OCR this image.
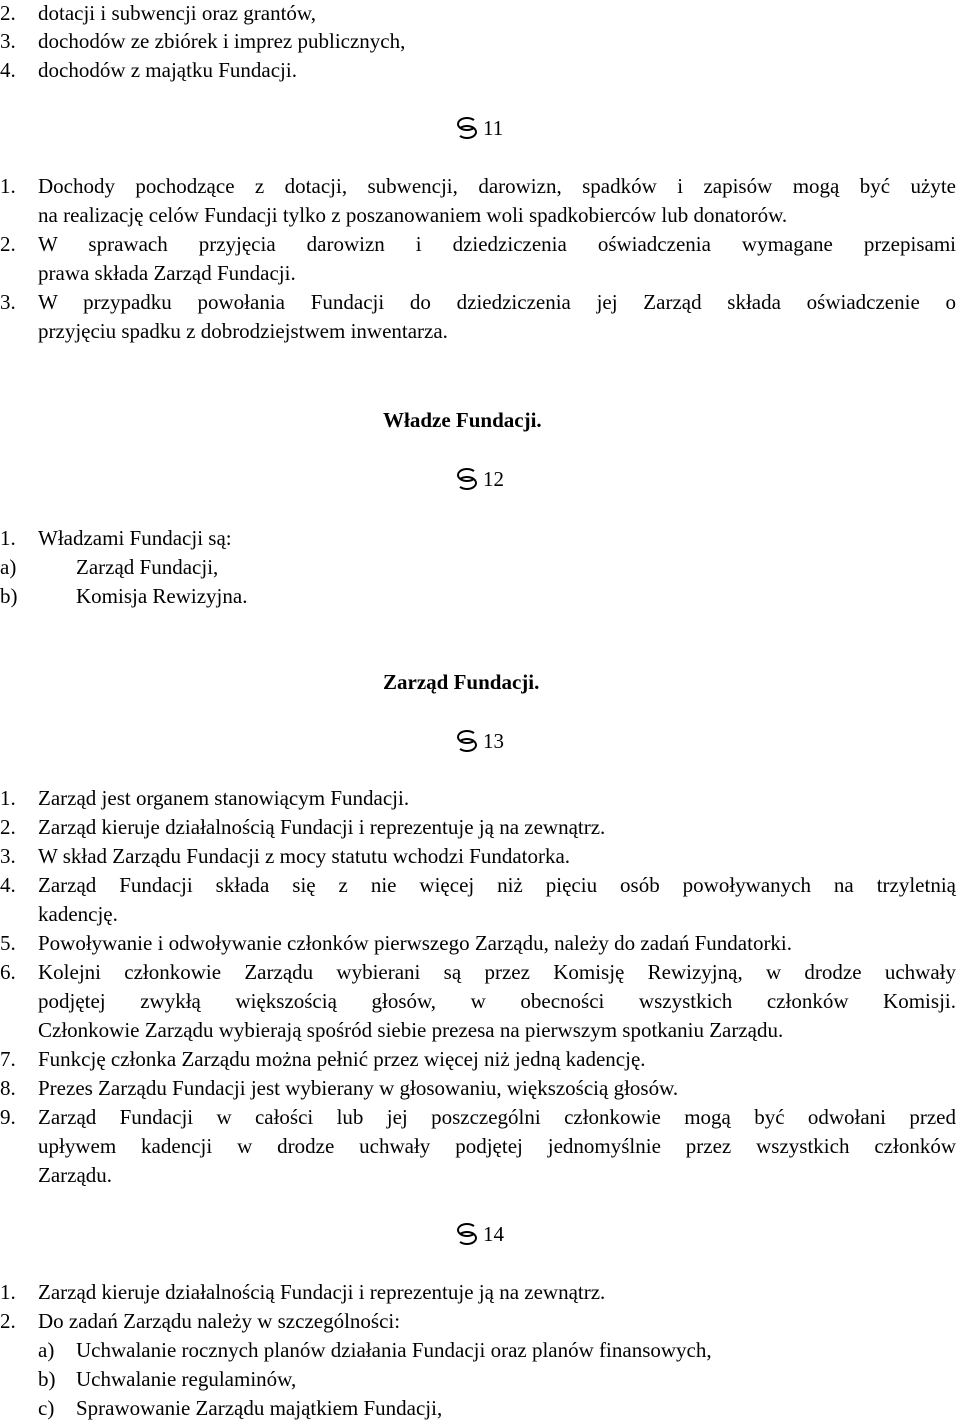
2.	dotacji i subwencji oraz grantów,
3.	dochodów ze zbiórek i imprez publicznych,
4.	dochodów z majątku Fundacji.
11
1.	Dochody pochodzące z dotacji, subwencji, darowizn, spadków i zapisów mogą być użyte
na realizację celów Fundacji tylko z poszanowaniem woli spadkobierców lub donatorów.
2.	W sprawach przyjęcia darowizn i dziedziczenia oświadczenia wymagane przepisami
prawa składa Zarząd Fundacji.
3.	W przypadku powołania Fundacji do dziedziczenia jej Zarząd składa oświadczenie o
przyjęciu spadku z dobrodziejstwem inwentarza.
Władze Fundacji.
12
1.	Władzami Fundacji są:
a)	Zarząd Fundacji,
b)	Komisja Rewizyjna.
Zarząd Fundacji.
13
1.	Zarząd jest organem stanowiącym Fundacji.
2.	Zarząd kieruje działalnością Fundacji i reprezentuje ją na zewnątrz.
3.	W skład Zarządu Fundacji z mocy statutu wchodzi Fundatorka.
4.	Zarząd Fundacji składa się z nie więcej niż pięciu osób powoływanych na trzyletnią
kadencję.
5.	Powoływanie i odwoływanie członków pierwszego Zarządu, należy do zadań Fundatorki.
6.	Kolejni członkowie Zarządu wybierani są przez Komisję Rewizyjną, w drodze uchwały
podjętej zwykłą większością głosów, w obecności wszystkich członków Komisji.
Członkowie Zarządu wybierają spośród siebie prezesa na pierwszym spotkaniu Zarządu.
7.	Funkcję członka Zarządu można pełnić przez więcej niż jedną kadencję.
8.	Prezes Zarządu Fundacji jest wybierany w głosowaniu, większością głosów.
9.	Zarząd Fundacji w całości lub jej poszczególni członkowie mogą być odwołani przed
upływem kadencji w drodze uchwały podjętej jednomyślnie przez wszystkich członków
Zarządu.
14
1.	Zarząd kieruje działalnością Fundacji i reprezentuje ją na zewnątrz.
2.	Do zadań Zarządu należy w szczególności:
a) Uchwalanie rocznych planów działania Fundacji oraz planów finansowych,
b) Uchwalanie regulaminów,
c) Sprawowanie Zarządu majątkiem Fundacji,
